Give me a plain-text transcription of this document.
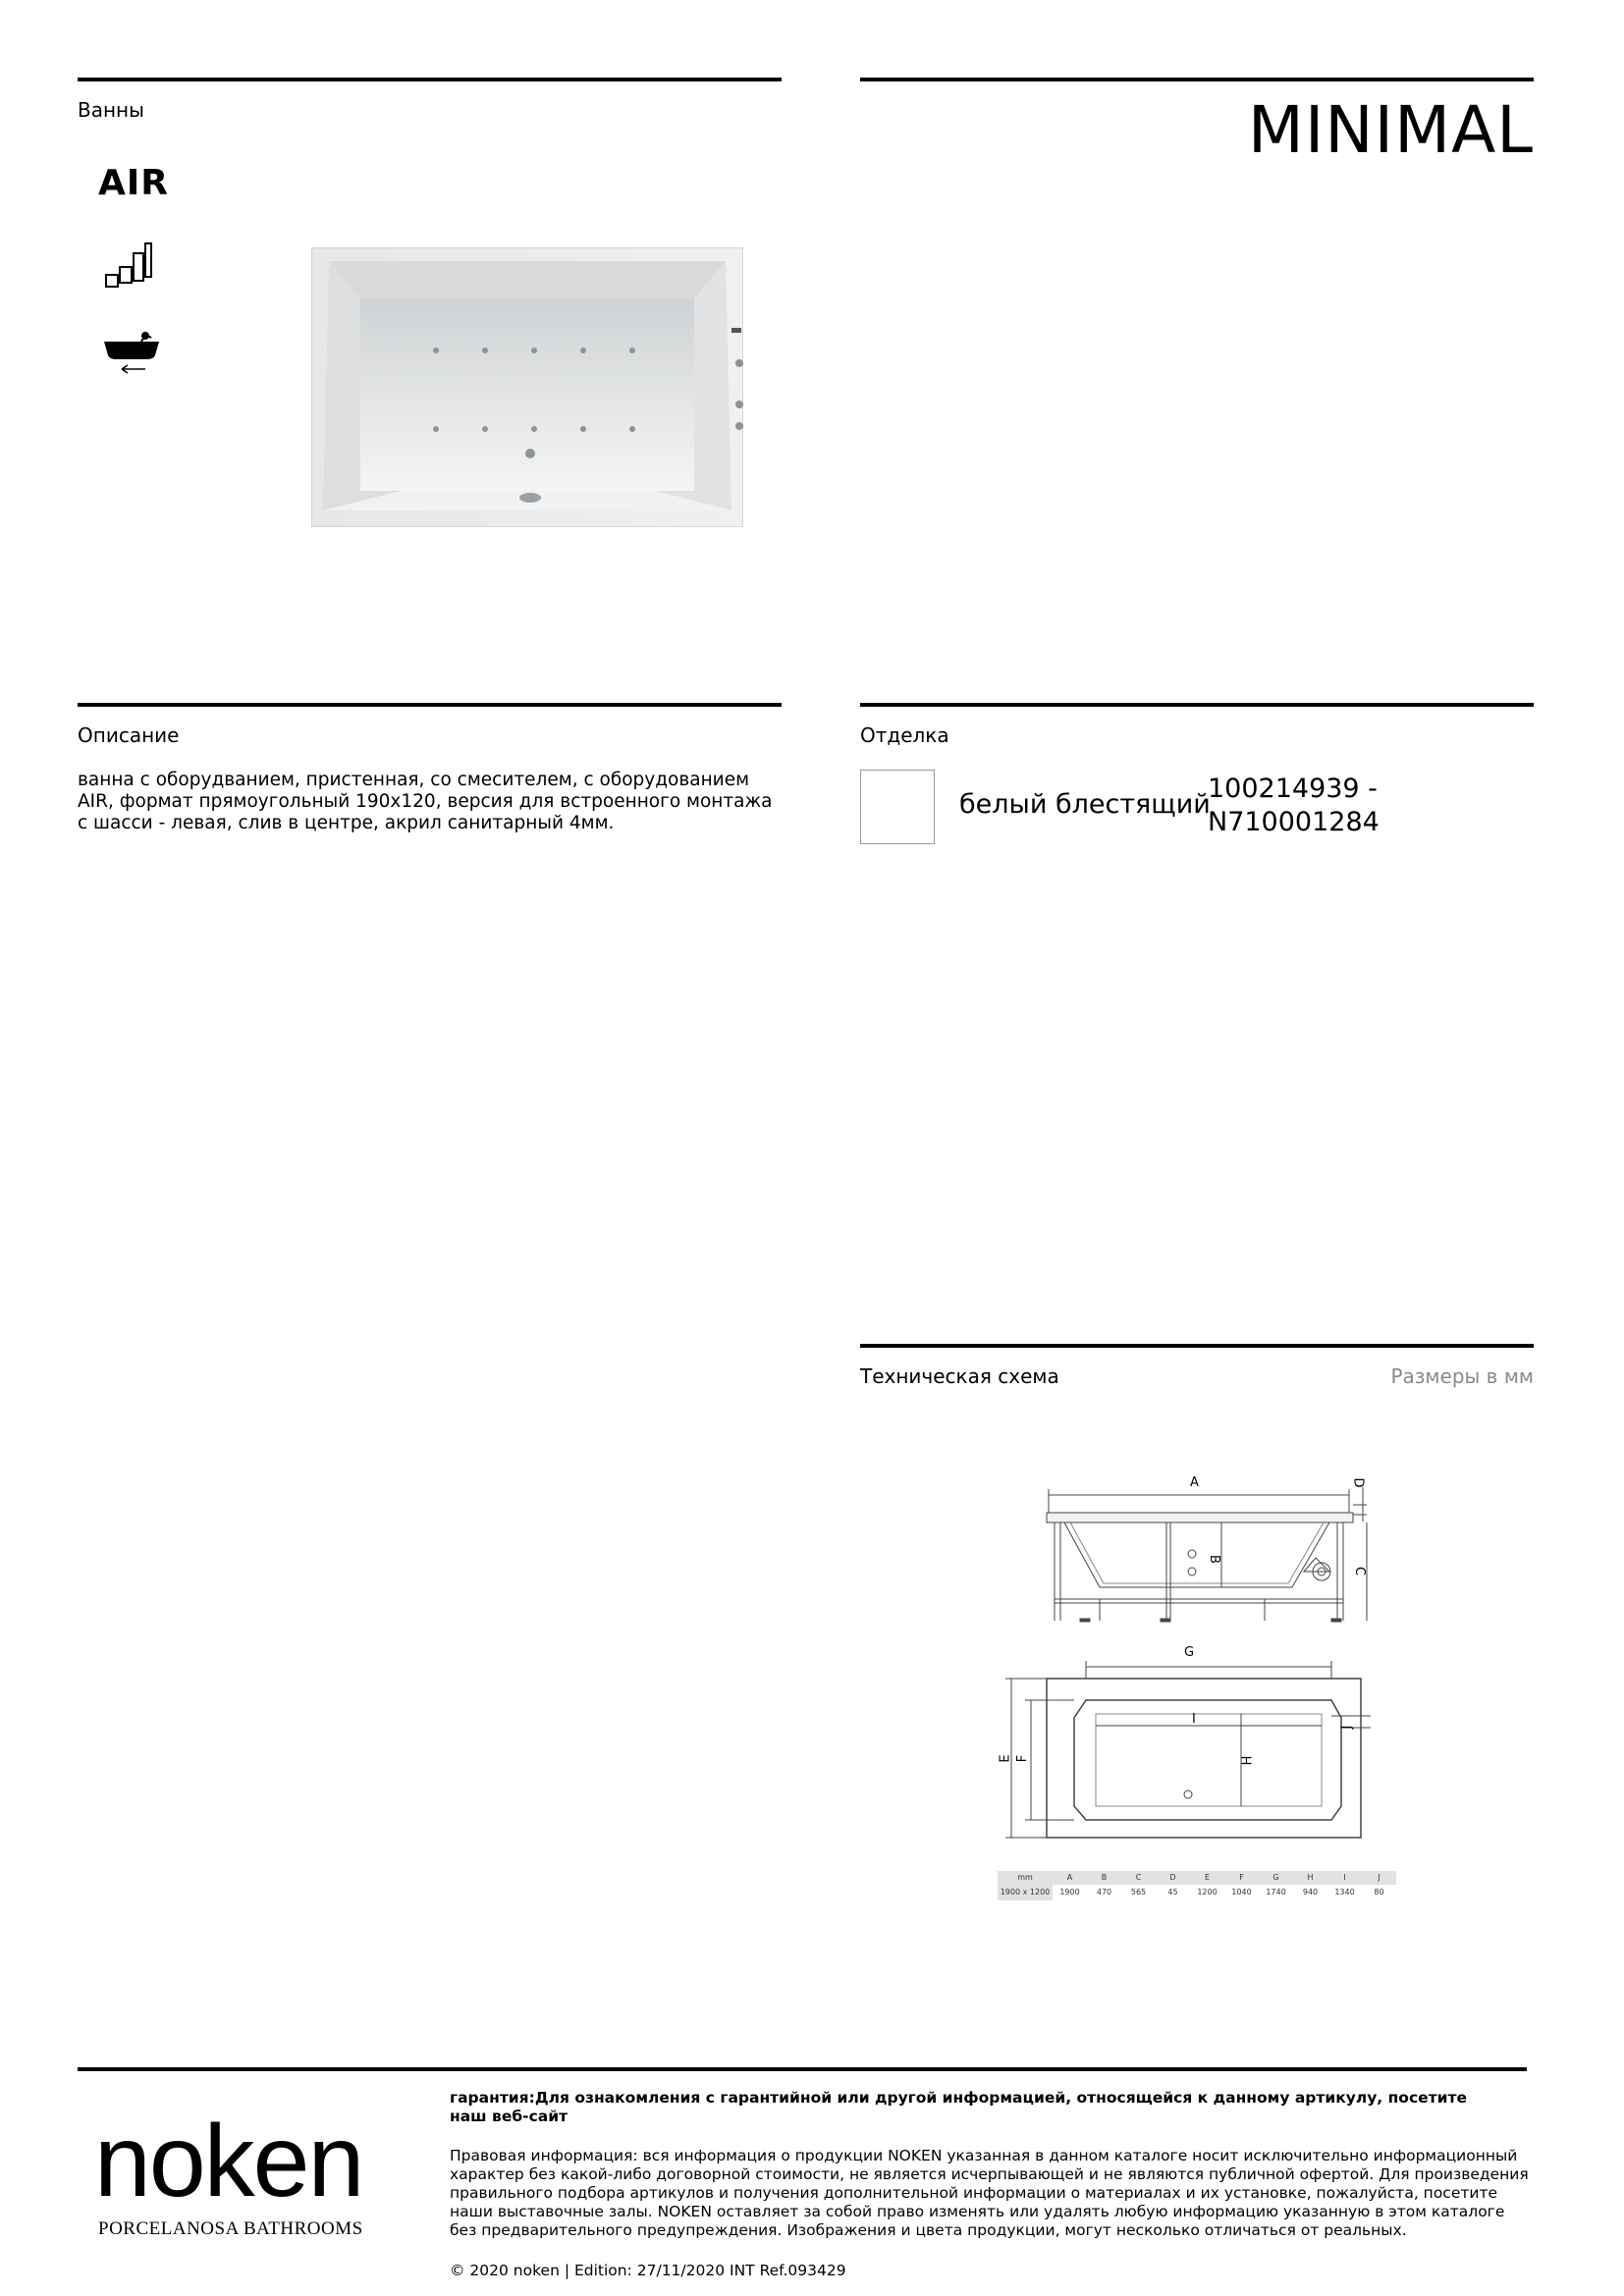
Ванны	MINIMAL
AIR
Описание
ванна с оборудванием, пристенная, со смесителем, с оборудованием AIR, формат прямоугольный 190x120, версия для встроенного монтажа с шасси - левая, слив в центре, акрил санитарный 4мм.
Отделка
белый блестящий
100214939 -
N710001284
Техническая схема	Размеры в мм
A	D
B
C
G
E F
I
H
J
mm	A	B	C	D	E	F	G	H	I	J
1900 x 1200	1900	470	565	45	1200	1040	1740	940	1340	80
noken
PORCELANOSA BATHROOMS
гарантия:Для ознакомления с гарантийной или другой информацией, относящейся к данному артикулу, посетите наш веб-сайт
Правовая информация: вся информация о продукции NOKEN указанная в данном каталоге носит исключительно информационный характер без какой-либо договорной стоимости, не является исчерпывающей и не являются публичной офертой. Для произведения правильного подбора артикулов и получения дополнительной информации о материалах и их установке, пожалуйста, посетите наши выставочные залы. NOKEN оставляет за собой право изменять или удалять любую информацию указанную в этом каталоге без предварительного предупреждения. Изображения и цвета продукции, могут несколько отличаться от реальных.
© 2020 noken | Edition: 27/11/2020 INT Ref.093429
